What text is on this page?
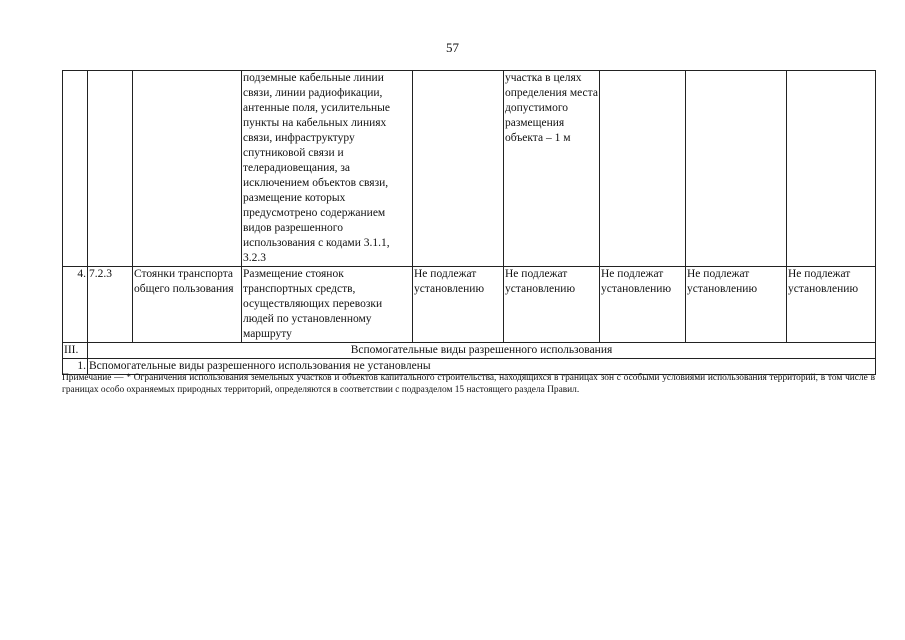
57
			подземные кабельные линии связи, линии радиофикации, антенные поля, усилительные пункты на кабельных линиях связи, инфраструктуру спутниковой связи и телерадиовещания, за исключением объектов связи, размещение которых предусмотрено содержанием видов разрешенного использования с кодами 3.1.1, 3.2.3		участка в целях определения места допустимого размещения объекта – 1 м			
4.	7.2.3	Стоянки транспорта общего пользования	Размещение стоянок транспортных средств, осуществляющих перевозки людей по установленному маршруту	Не подлежат установлению	Не подлежат установлению	Не подлежат установлению	Не подлежат установлению	Не подлежат установлению
III.	Вспомогательные виды разрешенного использования							
1.	Вспомогательные виды разрешенного использования не установлены							
Примечание — * Ограничения использования земельных участков и объектов капитального строительства, находящихся в границах зон с особыми условиями использования территорий, в том числе в границах особо охраняемых природных территорий, определяются в соответствии с подразделом 15 настоящего раздела Правил.
